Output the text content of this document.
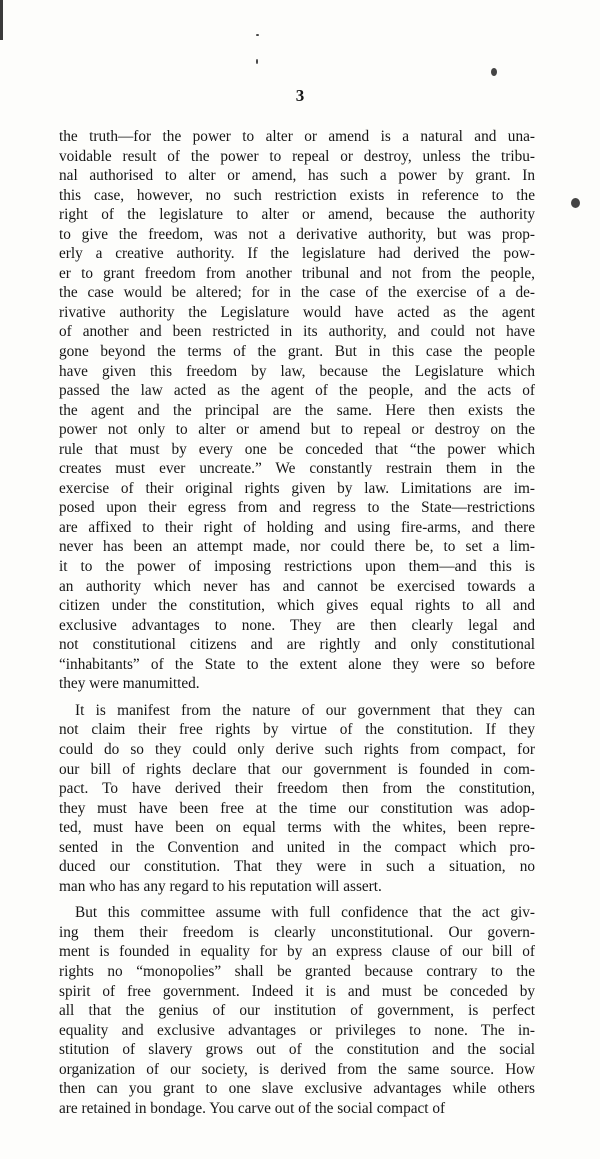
3

the truth—for the power to alter or amend is a natural and una-
voidable result of the power to repeal or destroy, unless the tribu-
nal authorised to alter or amend, has such a power by grant. In
this case, however, no such restriction exists in reference to the
right of the legislature to alter or amend, because the authority
to give the freedom, was not a derivative authority, but was prop-
erly a creative authority. If the legislature had derived the pow-
er to grant freedom from another tribunal and not from the people,
the case would be altered; for in the case of the exercise of a de-
rivative authority the Legislature would have acted as the agent
of another and been restricted in its authority, and could not have
gone beyond the terms of the grant. But in this case the people
have given this freedom by law, because the Legislature which
passed the law acted as the agent of the people, and the acts of
the agent and the principal are the same. Here then exists the
power not only to alter or amend but to repeal or destroy on the
rule that must by every one be conceded that “the power which
creates must ever uncreate.” We constantly restrain them in the
exercise of their original rights given by law. Limitations are im-
posed upon their egress from and regress to the State—restrictions
are affixed to their right of holding and using fire-arms, and there
never has been an attempt made, nor could there be, to set a lim-
it to the power of imposing restrictions upon them—and this is
an authority which never has and cannot be exercised towards a
citizen under the constitution, which gives equal rights to all and
exclusive advantages to none. They are then clearly legal and
not constitutional citizens and are rightly and only constitutional
“inhabitants” of the State to the extent alone they were so before
they were manumitted.
It is manifest from the nature of our government that they can
not claim their free rights by virtue of the constitution. If they
could do so they could only derive such rights from compact, for
our bill of rights declare that our government is founded in com-
pact. To have derived their freedom then from the constitution,
they must have been free at the time our constitution was adop-
ted, must have been on equal terms with the whites, been repre-
sented in the Convention and united in the compact which pro-
duced our constitution. That they were in such a situation, no
man who has any regard to his reputation will assert.
But this committee assume with full confidence that the act giv-
ing them their freedom is clearly unconstitutional. Our govern-
ment is founded in equality for by an express clause of our bill of
rights no “monopolies” shall be granted because contrary to the
spirit of free government. Indeed it is and must be conceded by
all that the genius of our institution of government, is perfect
equality and exclusive advantages or privileges to none. The in-
stitution of slavery grows out of the constitution and the social
organization of our society, is derived from the same source. How
then can you grant to one slave exclusive advantages while others
are retained in bondage. You carve out of the social compact of
